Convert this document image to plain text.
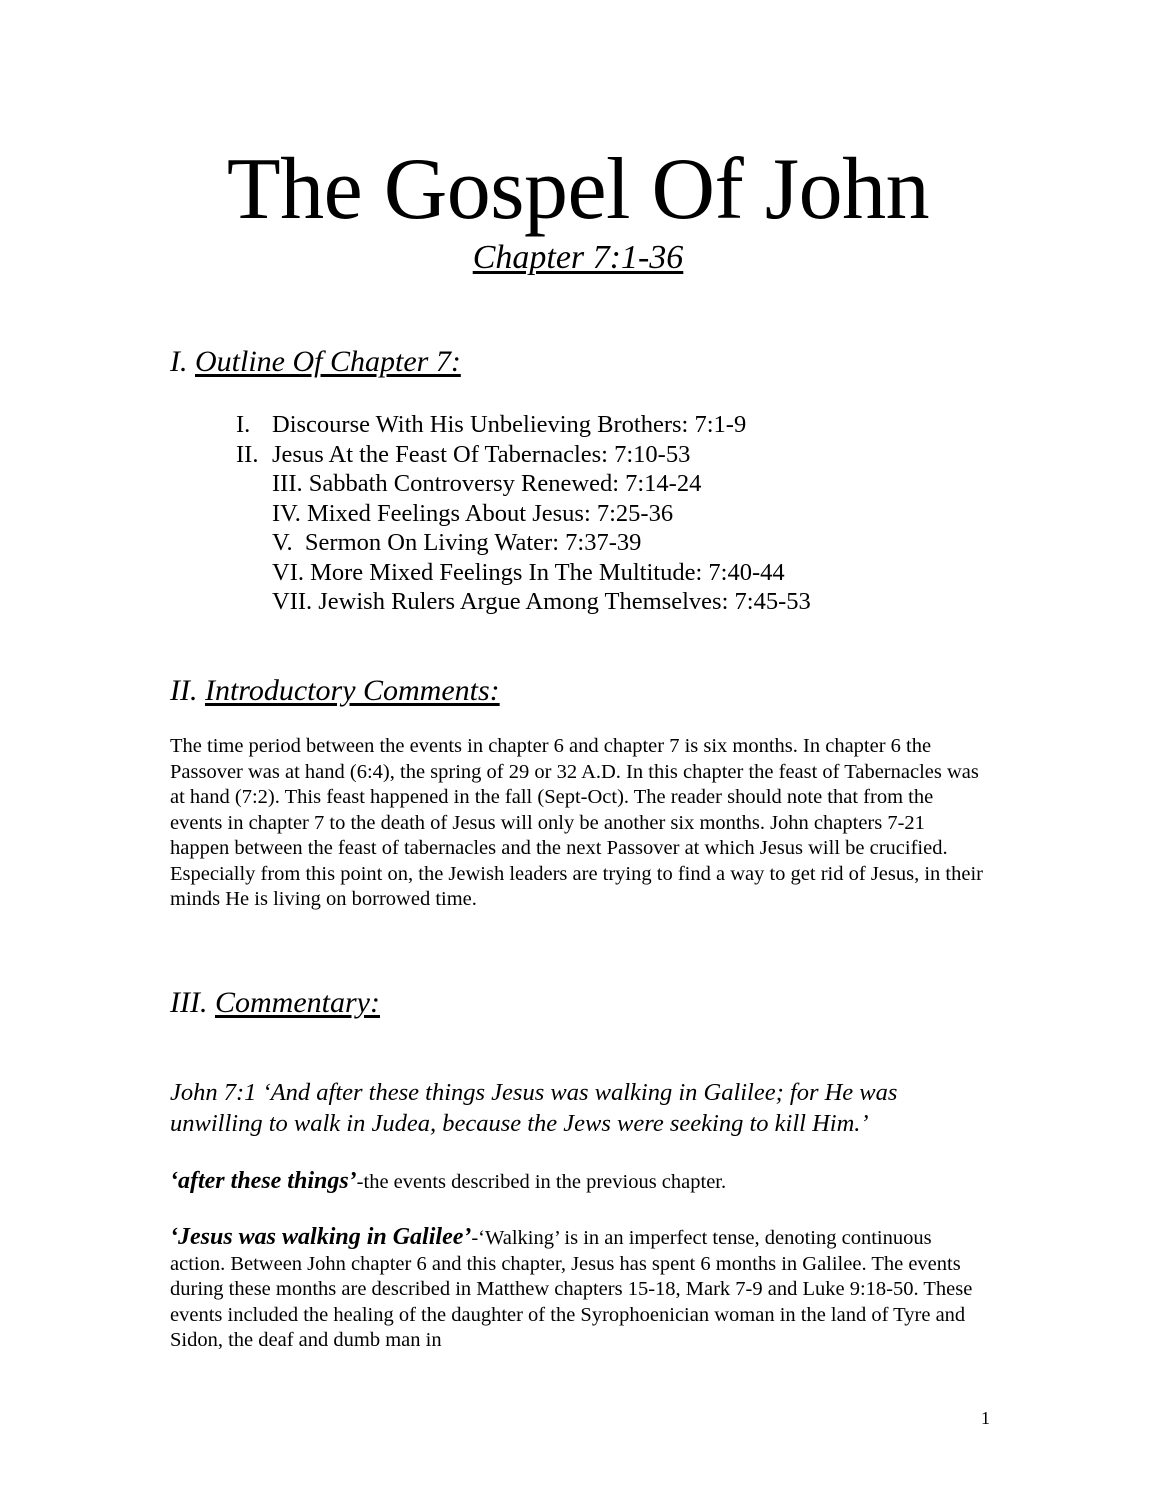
The Gospel Of John
Chapter 7:1-36
I. Outline Of Chapter 7:
I. Discourse With His Unbelieving Brothers: 7:1-9
II. Jesus At the Feast Of Tabernacles: 7:10-53
III. Sabbath Controversy Renewed: 7:14-24
IV. Mixed Feelings About Jesus: 7:25-36
V. Sermon On Living Water: 7:37-39
VI. More Mixed Feelings In The Multitude: 7:40-44
VII. Jewish Rulers Argue Among Themselves: 7:45-53
II. Introductory Comments:
The time period between the events in chapter 6 and chapter 7 is six months. In chapter 6 the Passover was at hand (6:4), the spring of 29 or 32 A.D. In this chapter the feast of Tabernacles was at hand (7:2). This feast happened in the fall (Sept-Oct). The reader should note that from the events in chapter 7 to the death of Jesus will only be another six months. John chapters 7-21 happen between the feast of tabernacles and the next Passover at which Jesus will be crucified. Especially from this point on, the Jewish leaders are trying to find a way to get rid of Jesus, in their minds He is living on borrowed time.
III. Commentary:
John 7:1 ‘And after these things Jesus was walking in Galilee; for He was unwilling to walk in Judea, because the Jews were seeking to kill Him.’
‘after these things’-the events described in the previous chapter.
‘Jesus was walking in Galilee’-‘Walking’ is in an imperfect tense, denoting continuous action. Between John chapter 6 and this chapter, Jesus has spent 6 months in Galilee. The events during these months are described in Matthew chapters 15-18, Mark 7-9 and Luke 9:18-50. These events included the healing of the daughter of the Syrophoenician woman in the land of Tyre and Sidon, the deaf and dumb man in
1
